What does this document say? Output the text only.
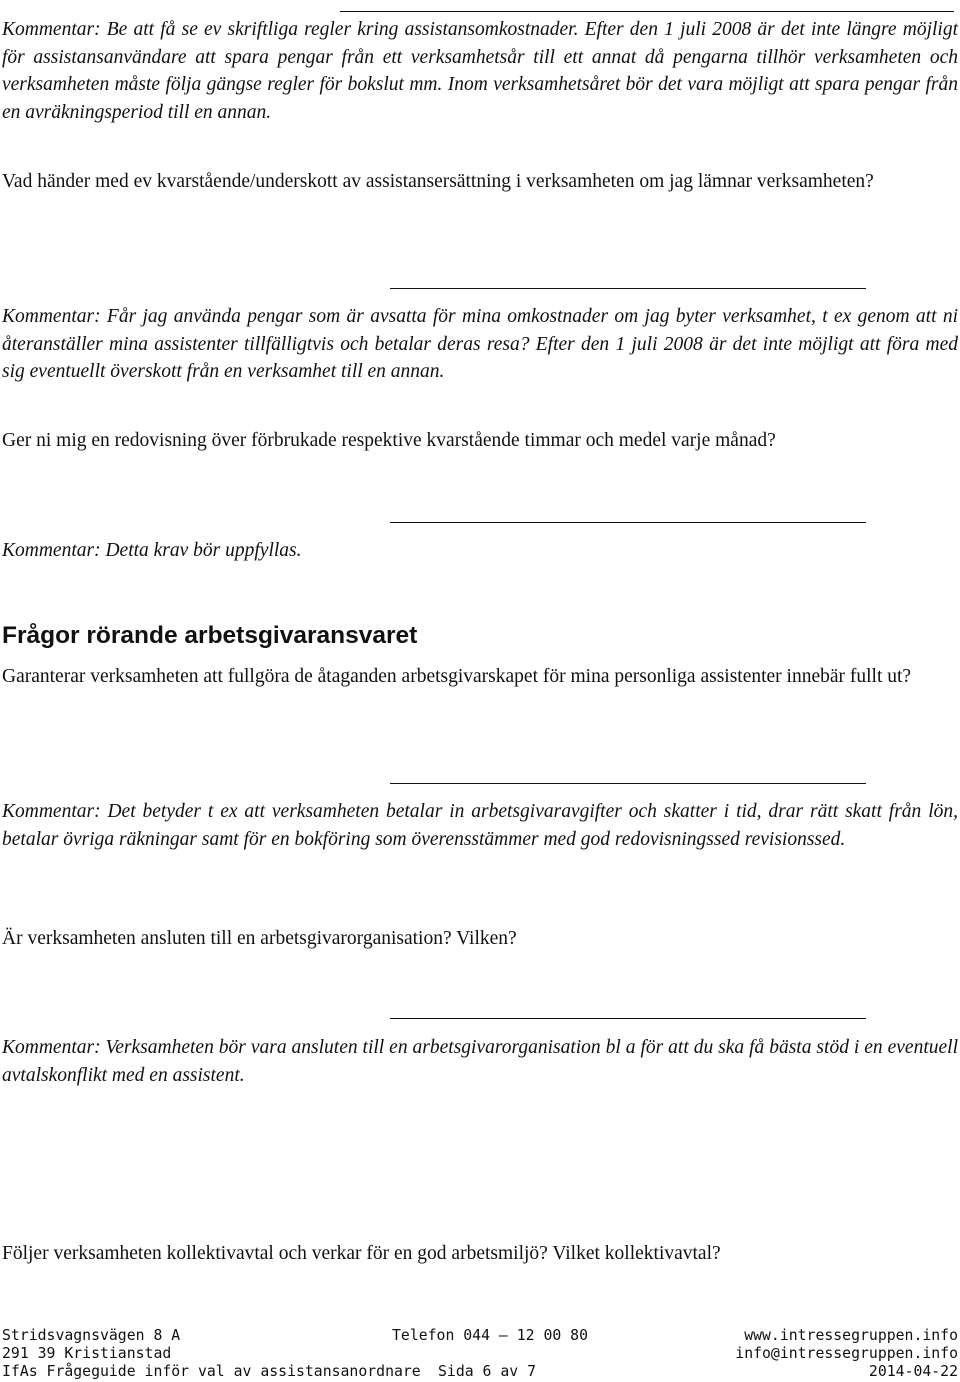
Kommentar: Be att få se ev skriftliga regler kring assistansomkostnader. Efter den 1 juli 2008 är det inte längre möjligt för assistansanvändare att spara pengar från ett verksamhetsår till ett annat då pengarna tillhör verksamheten och verksamheten måste följa gängse regler för bokslut mm. Inom verksamhetsåret bör det vara möjligt att spara pengar från en avräkningsperiod till en annan.

Vad händer med ev kvarstående/underskott av assistansersättning i verksamheten om jag lämnar verksamheten?

Kommentar: Får jag använda pengar som är avsatta för mina omkostnader om jag byter verksamhet, t ex genom att ni återanställer mina assistenter tillfälligtvis och betalar deras resa? Efter den 1 juli 2008 är det inte möjligt att föra med sig eventuellt överskott från en verksamhet till en annan.

Ger ni mig en redovisning över förbrukade respektive kvarstående timmar och medel varje månad?

Kommentar: Detta krav bör uppfyllas.

Frågor rörande arbetsgivaransvaret

Garanterar verksamheten att fullgöra de åtaganden arbetsgivarskapet för mina personliga assistenter innebär fullt ut?

Kommentar: Det betyder t ex att verksamheten betalar in arbetsgivaravgifter och skatter i tid, drar rätt skatt från lön, betalar övriga räkningar samt för en bokföring som överensstämmer med god redovisningssed revisionssed.

Är verksamheten ansluten till en arbetsgivarorganisation? Vilken?

Kommentar: Verksamheten bör vara ansluten till en arbetsgivarorganisation bl a för att du ska få bästa stöd i en eventuell avtalskonflikt med en assistent.

Följer verksamheten kollektivavtal och verkar för en god arbetsmiljö? Vilket kollektivavtal?

Stridsvagnsvägen 8 A	Telefon 044 – 12 00 80	www.intressegruppen.info
291 39 Kristianstad	info@intressegruppen.info
IfAs Frågeguide inför val av assistansanordnare Sida 6 av 7	2014-04-22
